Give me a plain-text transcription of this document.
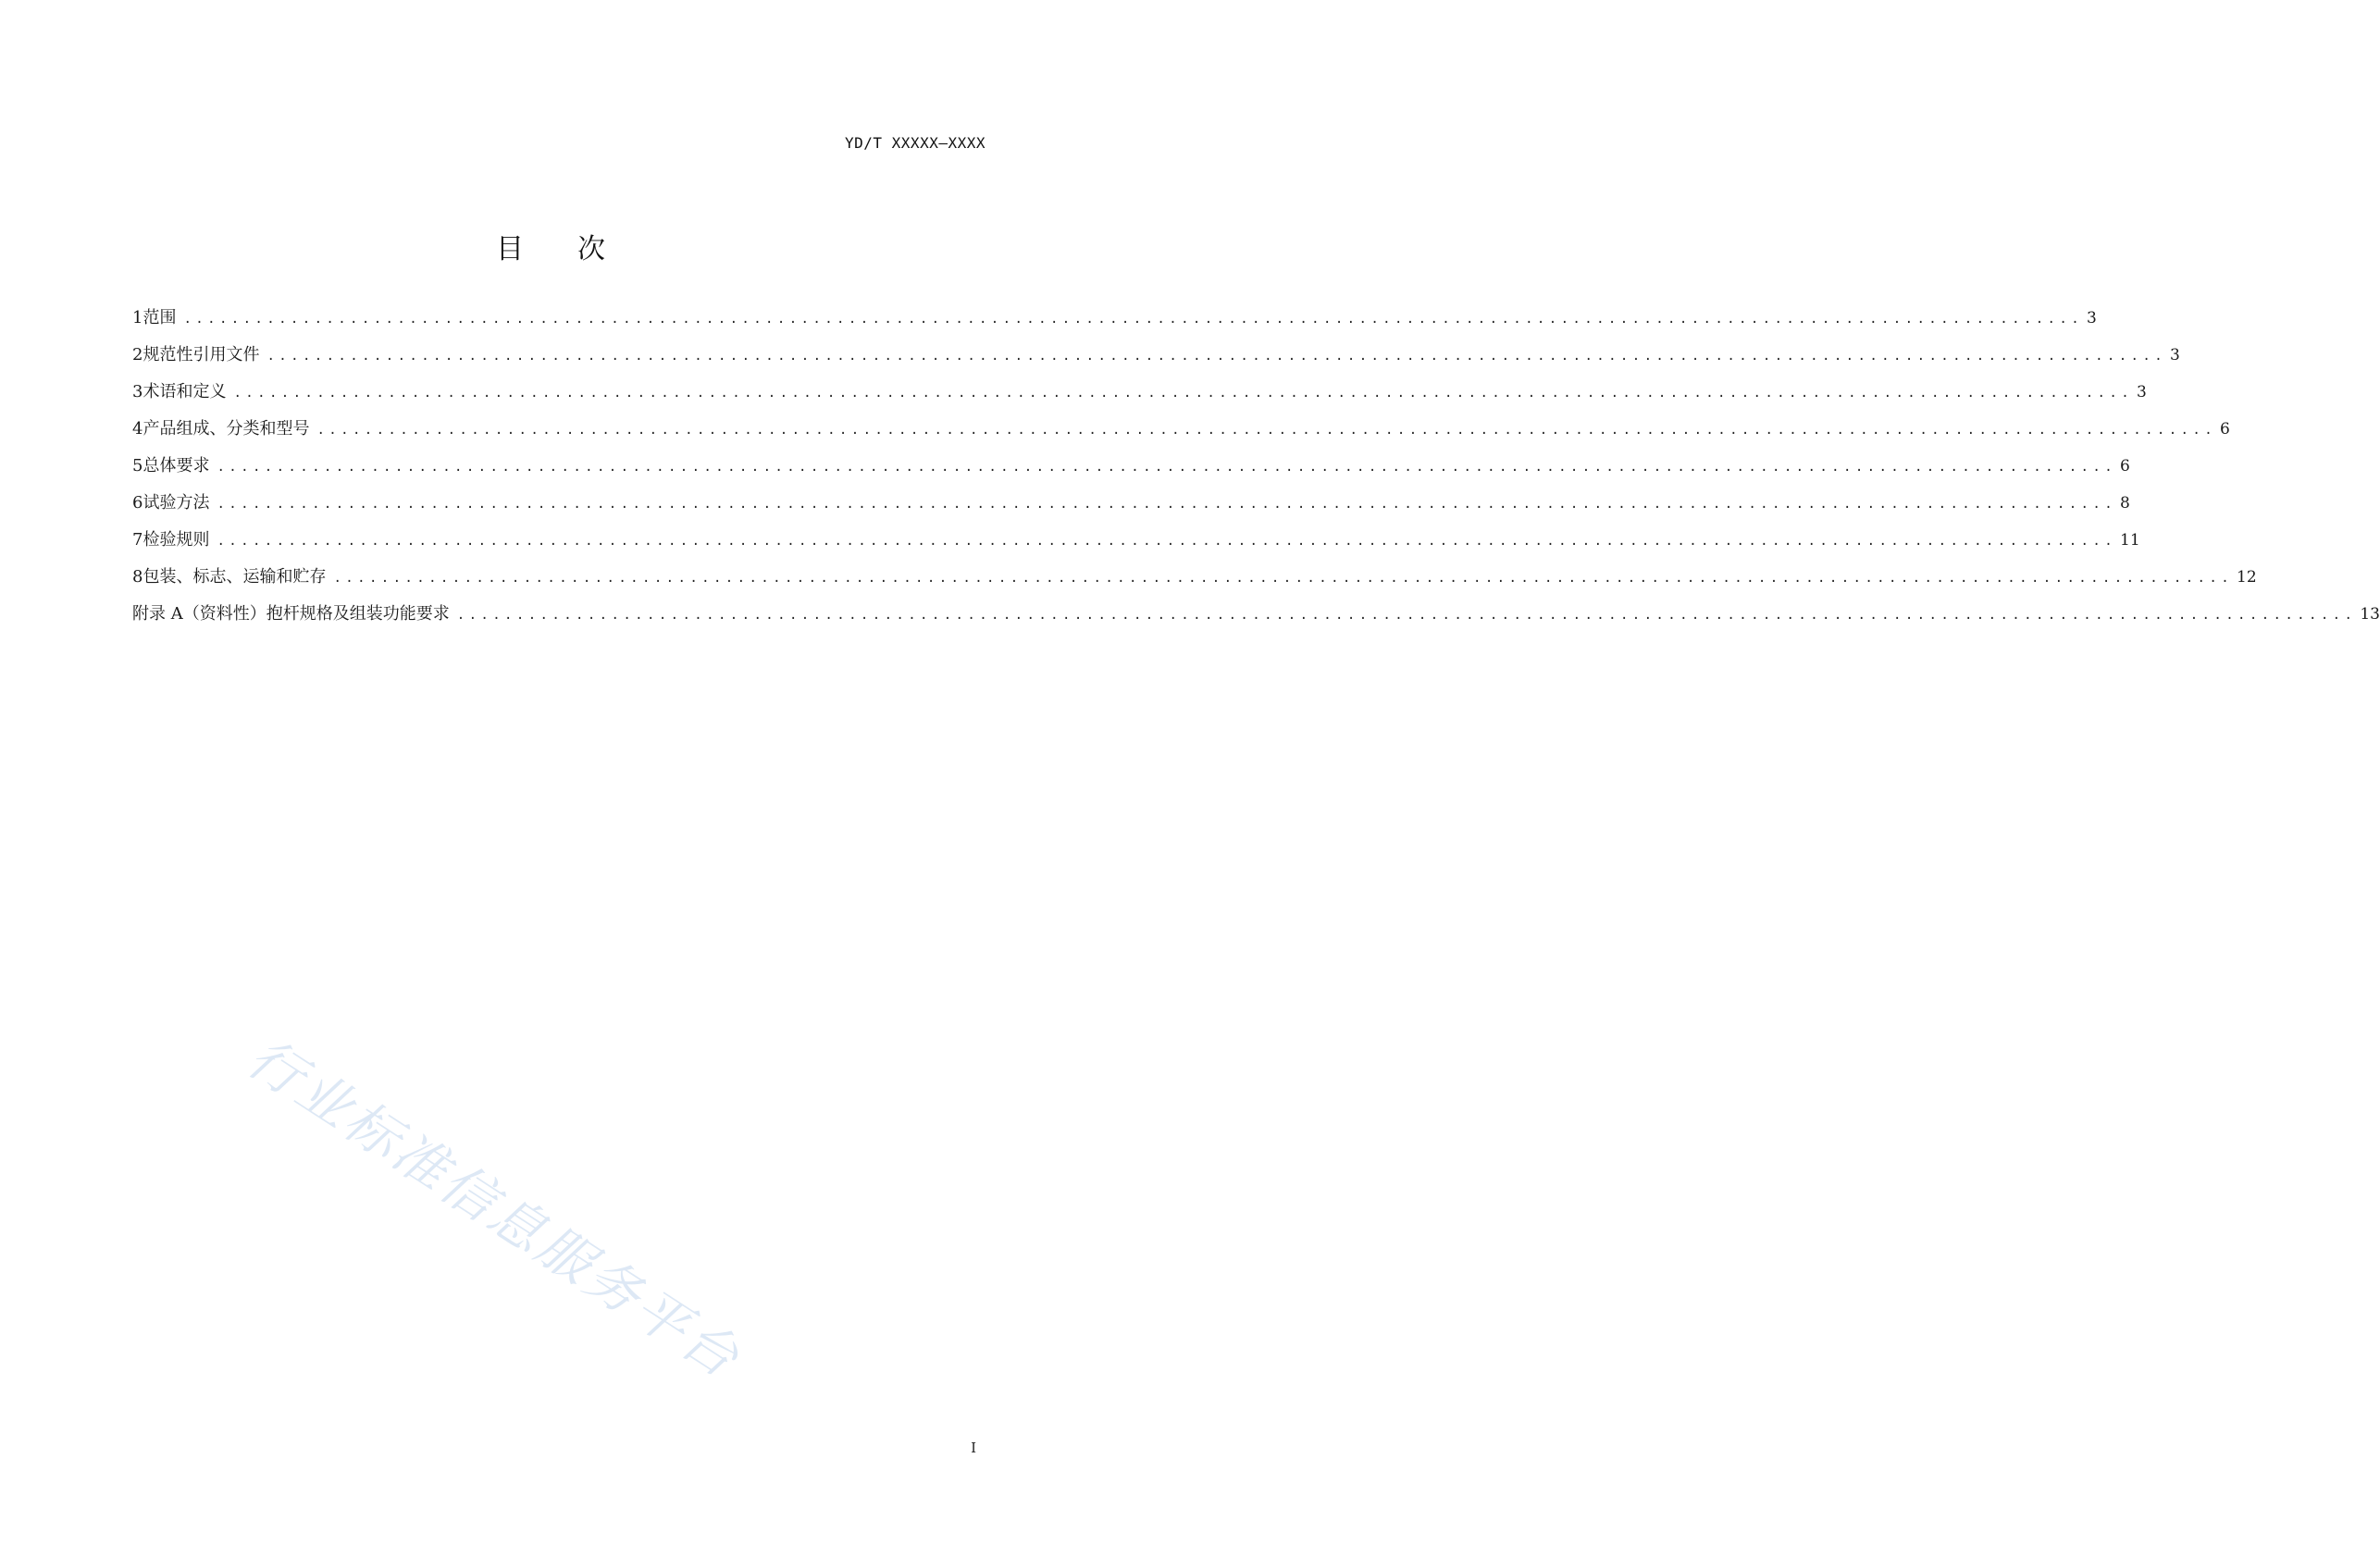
YD/T XXXXX—XXXX
目次
1 范围 ................................................................................................................................................................ 3
2 规范性引用文件 ................................................................................................................................................................ 3
3 术语和定义 ................................................................................................................................................................ 3
4 产品组成、分类和型号 ................................................................................................................................................................ 6
5 总体要求 ................................................................................................................................................................ 6
6 试验方法 ................................................................................................................................................................ 8
7 检验规则 ................................................................................................................................................................ 11
8 包装、标志、运输和贮存 ................................................................................................................................................................ 12
附录 A（资料性） 抱杆规格及组装功能要求 ................................................................................................................................................................ 13
行业标准信息服务平台
I
